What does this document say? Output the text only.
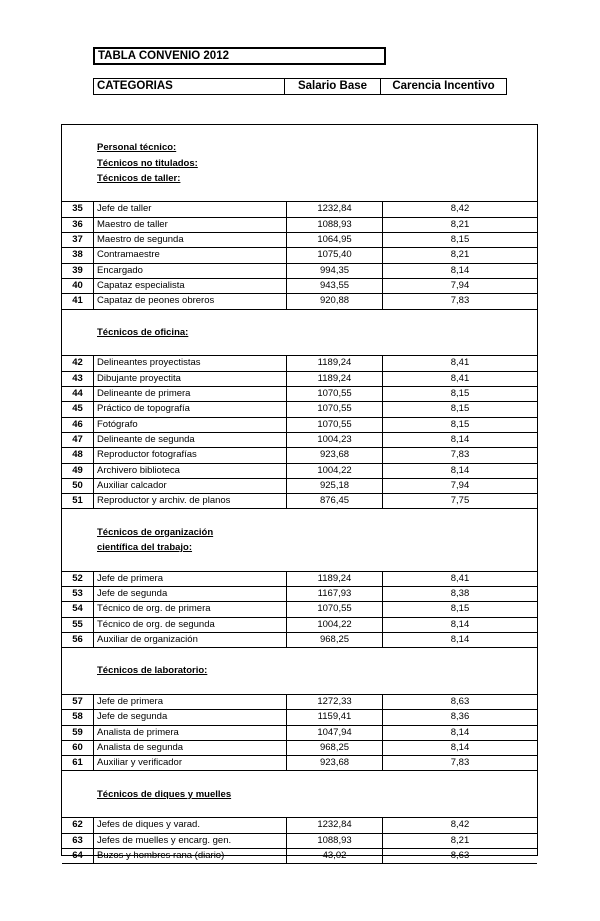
TABLA CONVENIO 2012
CATEGORIAS	Salario Base	Carencia Incentivo
Personal técnico:
Técnicos no titulados:
Técnicos de taller:
35	Jefe de taller	1232,84	8,42
36	Maestro de taller	1088,93	8,21
37	Maestro de segunda	1064,95	8,15
38	Contramaestre	1075,40	8,21
39	Encargado	994,35	8,14
40	Capataz especialista	943,55	7,94
41	Capataz de peones obreros	920,88	7,83
Técnicos de oficina:
42	Delineantes proyectistas	1189,24	8,41
43	Dibujante proyectita	1189,24	8,41
44	Delineante de primera	1070,55	8,15
45	Práctico de topografía	1070,55	8,15
46	Fotógrafo	1070,55	8,15
47	Delineante de segunda	1004,23	8,14
48	Reproductor fotografías	923,68	7,83
49	Archivero biblioteca	1004,22	8,14
50	Auxiliar calcador	925,18	7,94
51	Reproductor y archiv. de planos	876,45	7,75
Técnicos de organización
científica del trabajo:
52	Jefe de primera	1189,24	8,41
53	Jefe de segunda	1167,93	8,38
54	Técnico de org. de primera	1070,55	8,15
55	Técnico de org. de segunda	1004,22	8,14
56	Auxiliar de organización	968,25	8,14
Técnicos de laboratorio:
57	Jefe de primera	1272,33	8,63
58	Jefe de segunda	1159,41	8,36
59	Analista de primera	1047,94	8,14
60	Analista de segunda	968,25	8,14
61	Auxiliar y verificador	923,68	7,83
Técnicos de diques y muelles
62	Jefes de diques y varad.	1232,84	8,42
63	Jefes de muelles y encarg. gen.	1088,93	8,21
64	Buzos y hombres rana (diario)	43,02	8,63
